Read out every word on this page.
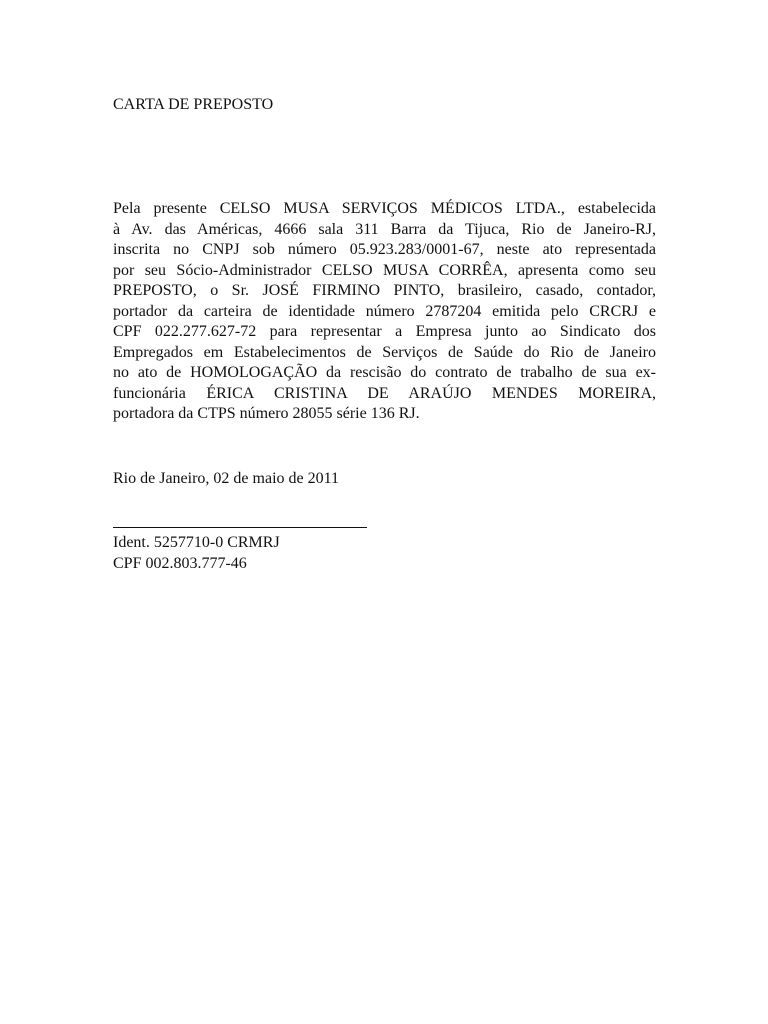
CARTA DE PREPOSTO
Pela presente CELSO MUSA SERVIÇOS MÉDICOS LTDA., estabelecida
à Av. das Américas, 4666 sala 311 Barra da Tijuca, Rio de Janeiro-RJ,
inscrita no CNPJ sob número 05.923.283/0001-67, neste ato representada
por seu Sócio-Administrador CELSO MUSA CORRÊA, apresenta como seu
PREPOSTO, o Sr. JOSÉ FIRMINO PINTO, brasileiro, casado, contador,
portador da carteira de identidade número 2787204 emitida pelo CRCRJ e
CPF 022.277.627-72 para representar a Empresa junto ao Sindicato dos
Empregados em Estabelecimentos de Serviços de Saúde do Rio de Janeiro
no ato de HOMOLOGAÇÃO da rescisão do contrato de trabalho de sua ex-
funcionária ÉRICA CRISTINA DE ARAÚJO MENDES MOREIRA,
portadora da CTPS número 28055 série 136 RJ.
Rio de Janeiro, 02 de maio de 2011
Ident. 5257710-0 CRMRJ
CPF 002.803.777-46
